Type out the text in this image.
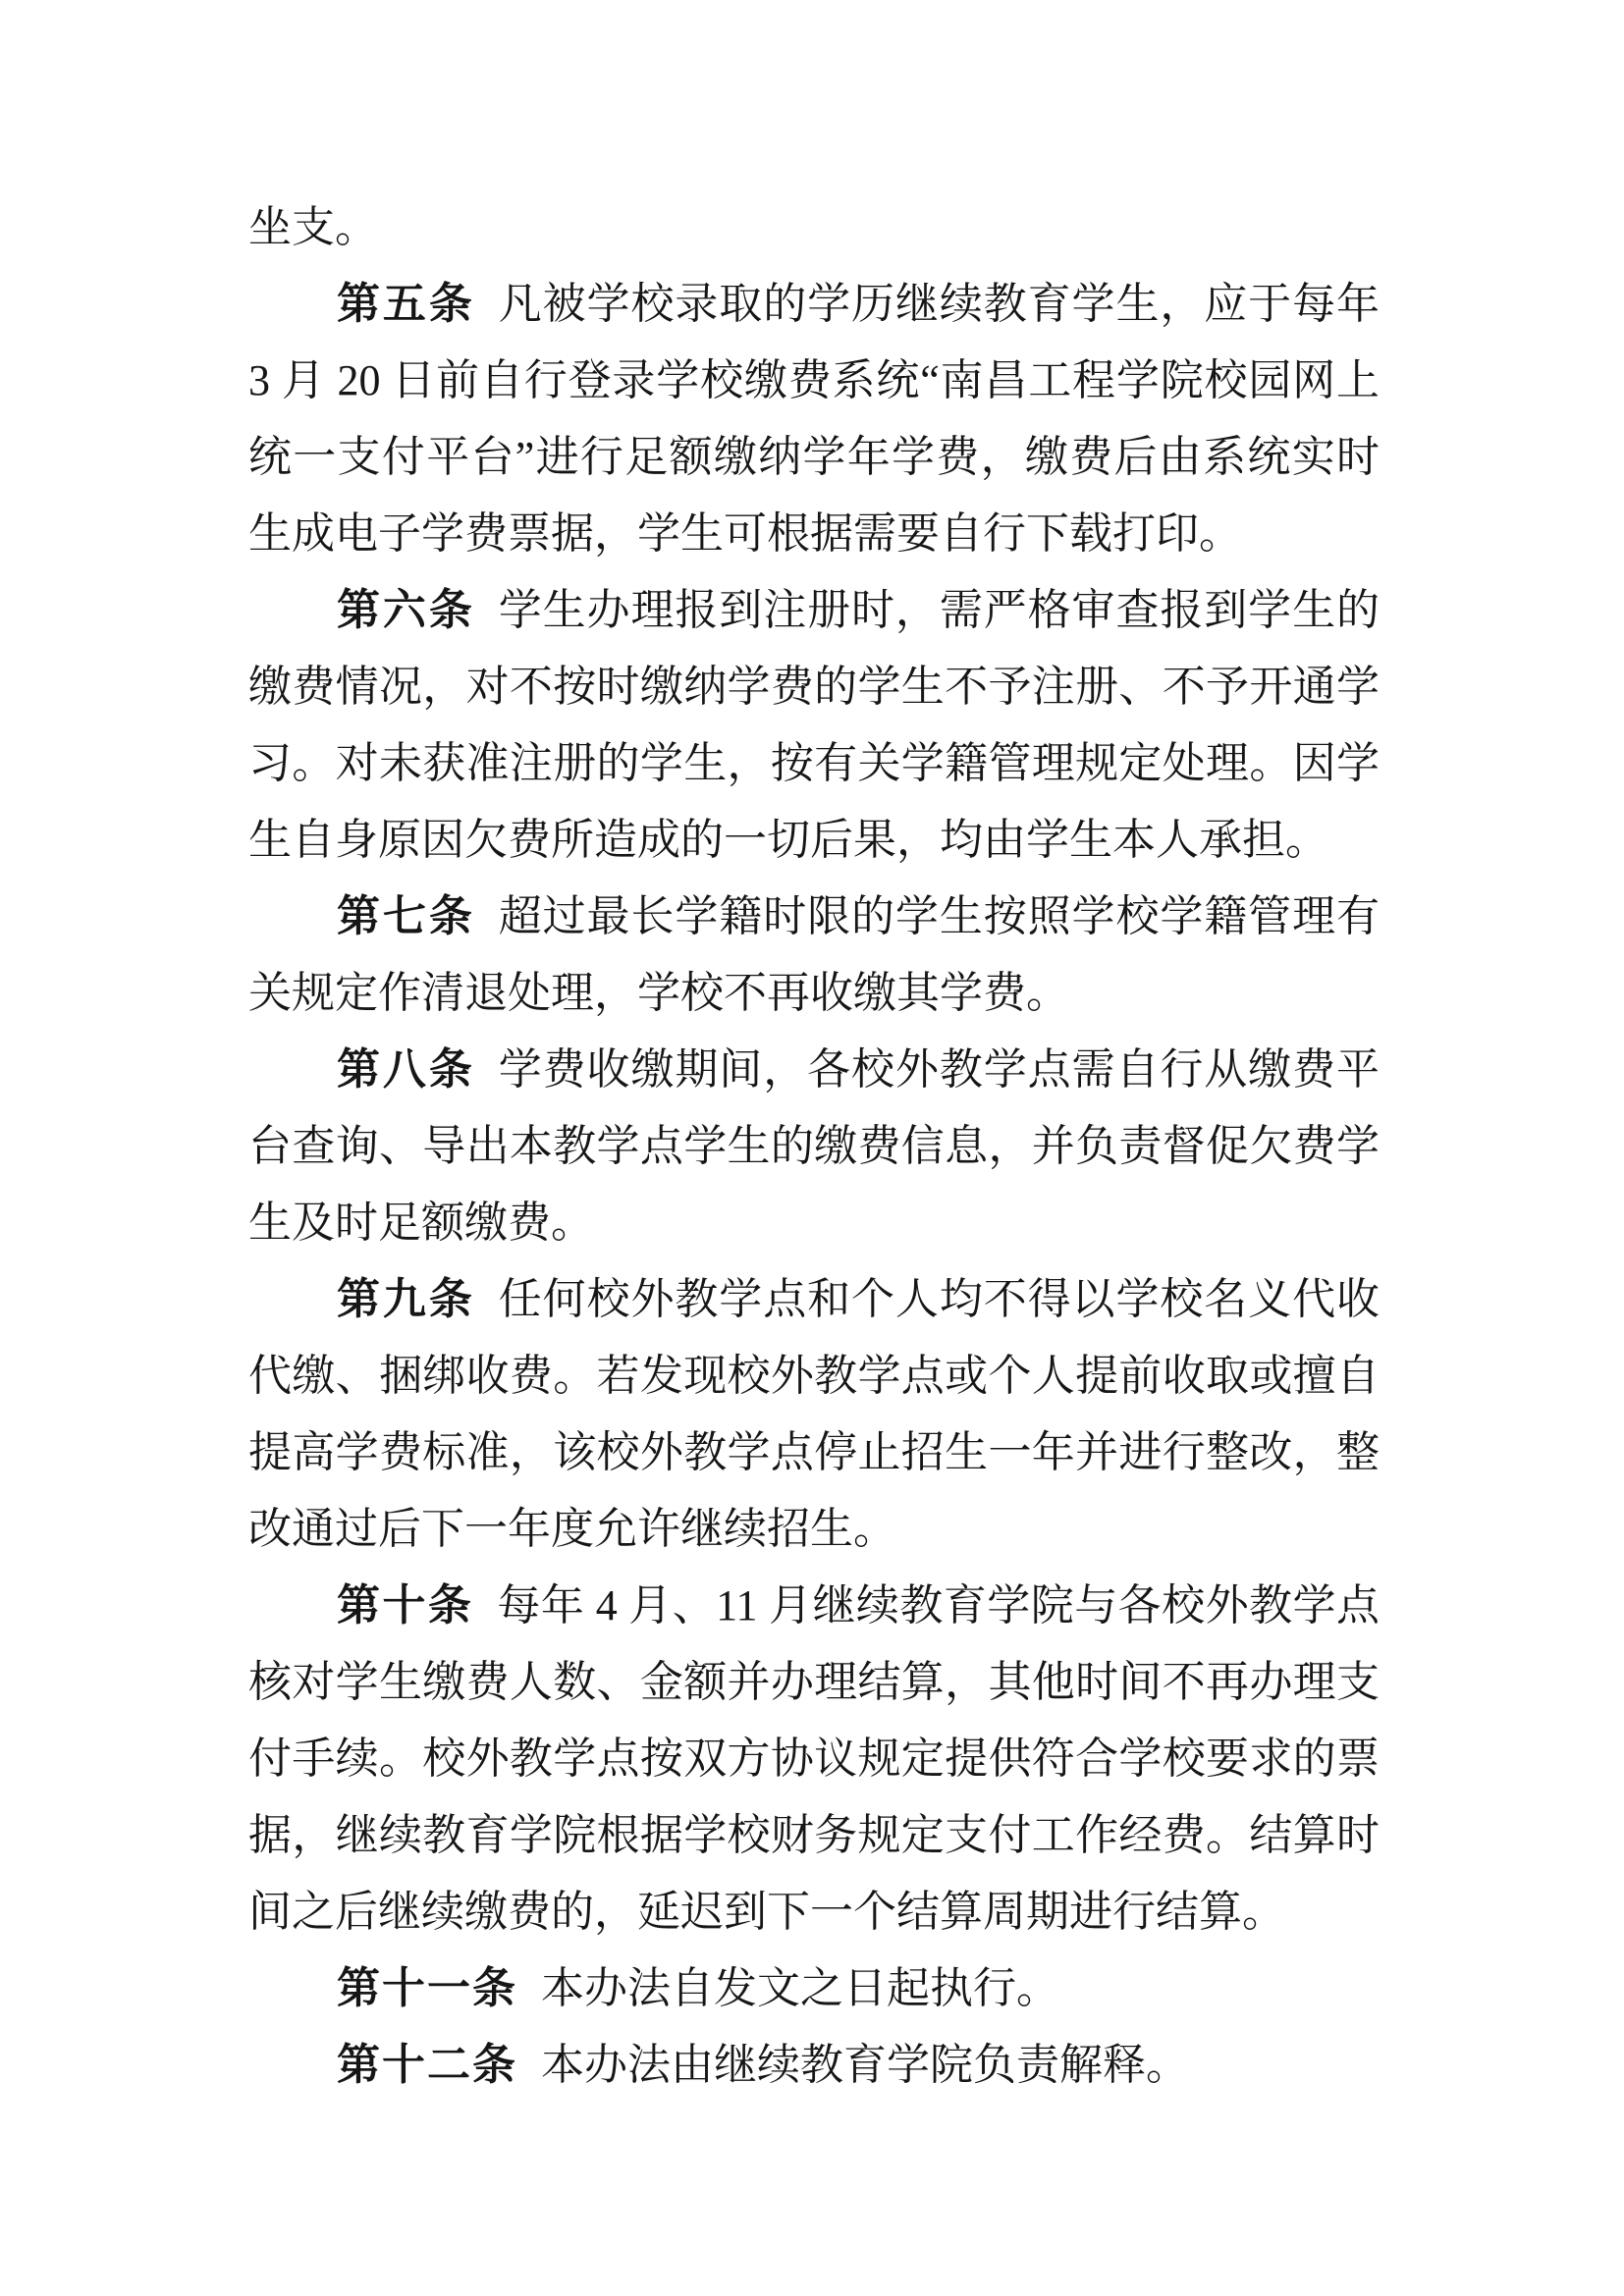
坐支。

第五条 凡被学校录取的学历继续教育学生，应于每年 3 月 20 日前自行登录学校缴费系统“南昌工程学院校园网上统一支付平台”进行足额缴纳学年学费，缴费后由系统实时生成电子学费票据，学生可根据需要自行下载打印。

第六条 学生办理报到注册时，需严格审查报到学生的缴费情况，对不按时缴纳学费的学生不予注册、不予开通学习。对未获准注册的学生，按有关学籍管理规定处理。因学生自身原因欠费所造成的一切后果，均由学生本人承担。

第七条 超过最长学籍时限的学生按照学校学籍管理有关规定作清退处理，学校不再收缴其学费。

第八条 学费收缴期间，各校外教学点需自行从缴费平台查询、导出本教学点学生的缴费信息，并负责督促欠费学生及时足额缴费。

第九条 任何校外教学点和个人均不得以学校名义代收代缴、捆绑收费。若发现校外教学点或个人提前收取或擅自提高学费标准，该校外教学点停止招生一年并进行整改，整改通过后下一年度允许继续招生。

第十条 每年 4 月、11 月继续教育学院与各校外教学点核对学生缴费人数、金额并办理结算，其他时间不再办理支付手续。校外教学点按双方协议规定提供符合学校要求的票据，继续教育学院根据学校财务规定支付工作经费。结算时间之后继续缴费的，延迟到下一个结算周期进行结算。

第十一条 本办法自发文之日起执行。

第十二条 本办法由继续教育学院负责解释。
